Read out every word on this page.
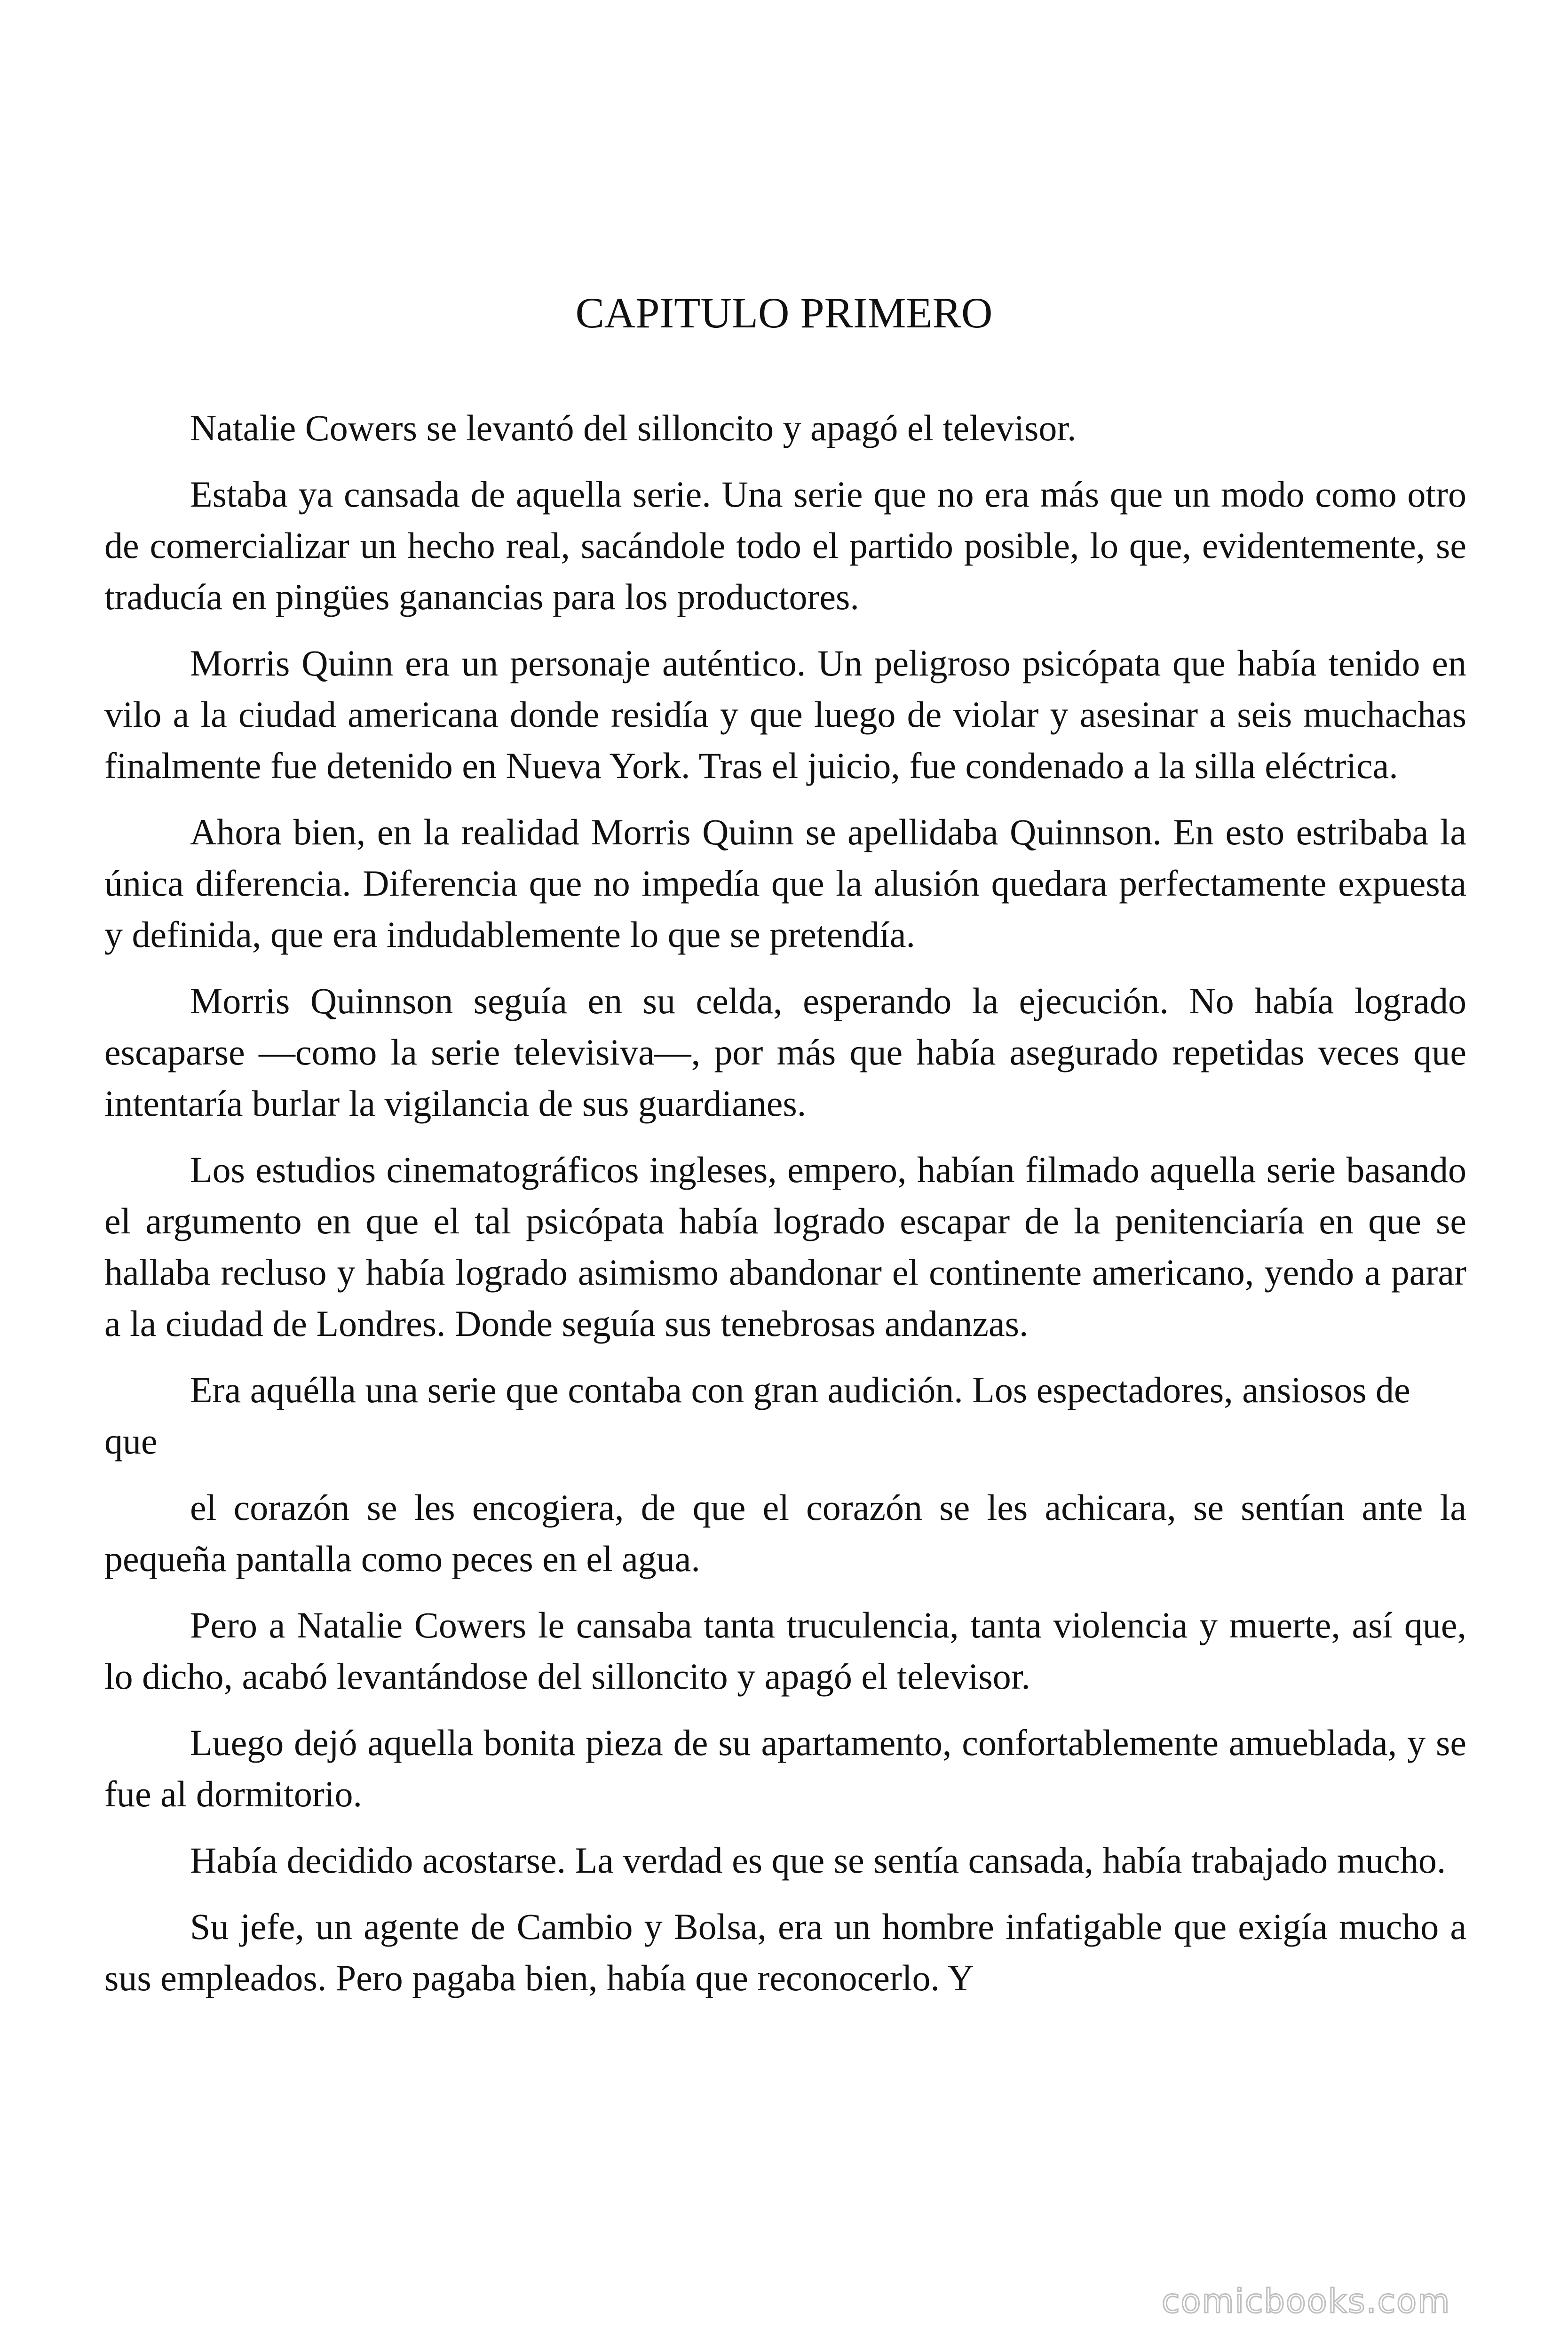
CAPITULO PRIMERO

Natalie Cowers se levantó del silloncito y apagó el televisor.

Estaba ya cansada de aquella serie. Una serie que no era más que un modo como otro de comercializar un hecho real, sacándole todo el partido posible, lo que, evidentemente, se traducía en pingües ganancias para los productores.

Morris Quinn era un personaje auténtico. Un peligroso psicópata que había tenido en vilo a la ciudad americana donde residía y que luego de violar y asesinar a seis muchachas finalmente fue detenido en Nueva York. Tras el juicio, fue condenado a la silla eléctrica.

Ahora bien, en la realidad Morris Quinn se apellidaba Quinnson. En esto estribaba la única diferencia. Diferencia que no impedía que la alusión quedara perfectamente expuesta y definida, que era indudablemente lo que se pretendía.

Morris Quinnson seguía en su celda, esperando la ejecución. No había logrado escaparse —como la serie televisiva—, por más que había asegurado repetidas veces que intentaría burlar la vigilancia de sus guardianes.

Los estudios cinematográficos ingleses, empero, habían filmado aquella serie basando el argumento en que el tal psicópata había logrado escapar de la penitenciaría en que se hallaba recluso y había logrado asimismo abandonar el continente americano, yendo a parar a la ciudad de Londres. Donde seguía sus tenebrosas andanzas.

Era aquélla una serie que contaba con gran audición. Los espectadores, ansiosos de que

el corazón se les encogiera, de que el corazón se les achicara, se sentían ante la pequeña pantalla como peces en el agua.

Pero a Natalie Cowers le cansaba tanta truculencia, tanta violencia y muerte, así que, lo dicho, acabó levantándose del silloncito y apagó el televisor.

Luego dejó aquella bonita pieza de su apartamento, confortablemente amueblada, y se fue al dormitorio.

Había decidido acostarse. La verdad es que se sentía cansada, había trabajado mucho.

Su jefe, un agente de Cambio y Bolsa, era un hombre infatigable que exigía mucho a sus empleados. Pero pagaba bien, había que reconocerlo. Y

comicbooks.com
